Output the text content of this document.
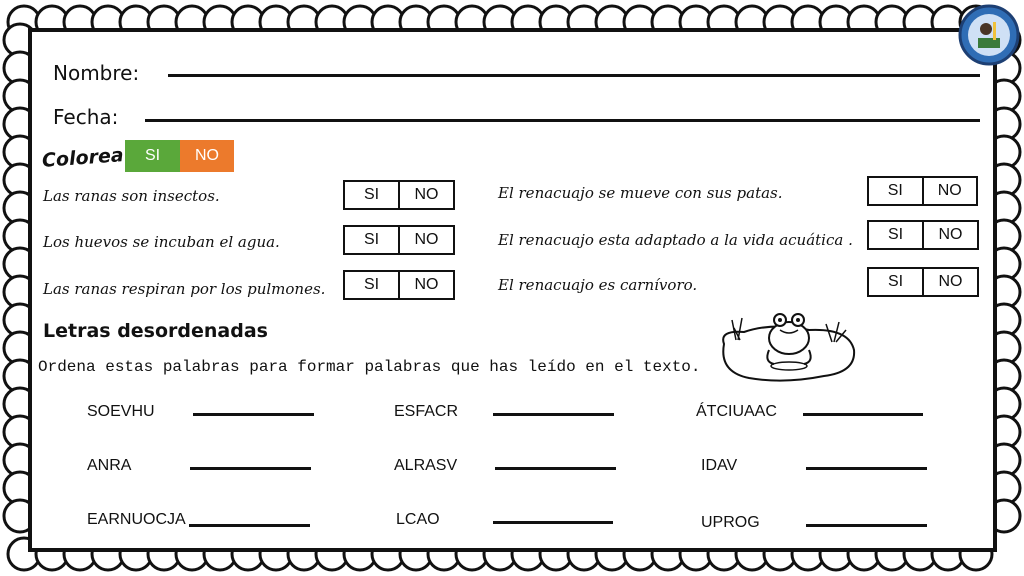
Nombre:
Fecha:
Colorea	SI	NO
Las ranas son insectos.	SI	NO
Los huevos se incuban el agua.	SI	NO
Las ranas respiran por los pulmones.	SI	NO
El renacuajo se mueve con sus patas.	SI	NO
El renacuajo esta adaptado a la vida acuática .	SI	NO
El renacuajo es carnívoro.	SI	NO
Letras desordenadas
Ordena estas palabras para formar palabras que has leído en el texto.
SOEVHU	ESFACR	ÁTCIUAAC
ANRA	ALRASV	IDAV
EARNUOCJA	LCAO	UPROG
